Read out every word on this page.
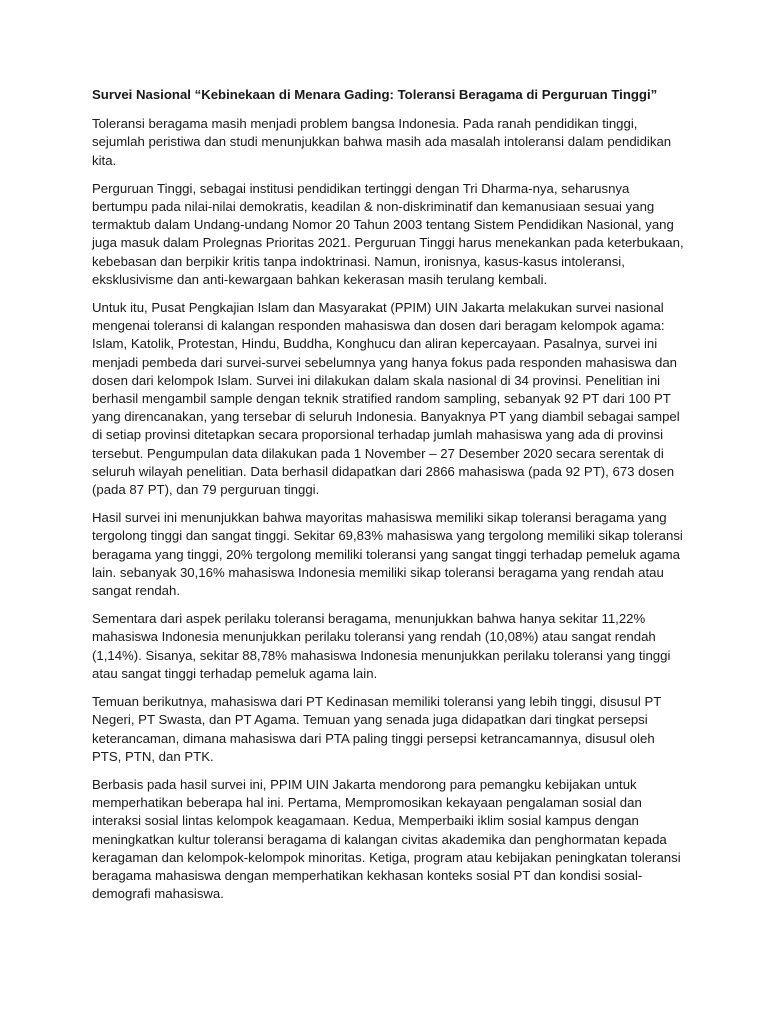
Survei Nasional “Kebinekaan di Menara Gading: Toleransi Beragama di Perguruan Tinggi”

Toleransi beragama masih menjadi problem bangsa Indonesia. Pada ranah pendidikan tinggi, sejumlah peristiwa dan studi menunjukkan bahwa masih ada masalah intoleransi dalam pendidikan kita.

Perguruan Tinggi, sebagai institusi pendidikan tertinggi dengan Tri Dharma-nya, seharusnya bertumpu pada nilai-nilai demokratis, keadilan & non-diskriminatif dan kemanusiaan sesuai yang termaktub dalam Undang-undang Nomor 20 Tahun 2003 tentang Sistem Pendidikan Nasional, yang juga masuk dalam Prolegnas Prioritas 2021. Perguruan Tinggi harus menekankan pada keterbukaan, kebebasan dan berpikir kritis tanpa indoktrinasi. Namun, ironisnya, kasus-kasus intoleransi, eksklusivisme dan anti-kewargaan bahkan kekerasan masih terulang kembali.

Untuk itu, Pusat Pengkajian Islam dan Masyarakat (PPIM) UIN Jakarta melakukan survei nasional mengenai toleransi di kalangan responden mahasiswa dan dosen dari beragam kelompok agama: Islam, Katolik, Protestan, Hindu, Buddha, Konghucu dan aliran kepercayaan. Pasalnya, survei ini menjadi pembeda dari survei-survei sebelumnya yang hanya fokus pada responden mahasiswa dan dosen dari kelompok Islam. Survei ini dilakukan dalam skala nasional di 34 provinsi. Penelitian ini berhasil mengambil sample dengan teknik stratified random sampling, sebanyak 92 PT dari 100 PT yang direncanakan, yang tersebar di seluruh Indonesia. Banyaknya PT yang diambil sebagai sampel di setiap provinsi ditetapkan secara proporsional terhadap jumlah mahasiswa yang ada di provinsi tersebut. Pengumpulan data dilakukan pada 1 November – 27 Desember 2020 secara serentak di seluruh wilayah penelitian. Data berhasil didapatkan dari 2866 mahasiswa (pada 92 PT), 673 dosen (pada 87 PT), dan 79 perguruan tinggi.

Hasil survei ini menunjukkan bahwa mayoritas mahasiswa memiliki sikap toleransi beragama yang tergolong tinggi dan sangat tinggi. Sekitar 69,83% mahasiswa yang tergolong memiliki sikap toleransi beragama yang tinggi, 20% tergolong memiliki toleransi yang sangat tinggi terhadap pemeluk agama lain. sebanyak 30,16% mahasiswa Indonesia memiliki sikap toleransi beragama yang rendah atau sangat rendah.

Sementara dari aspek perilaku toleransi beragama, menunjukkan bahwa hanya sekitar 11,22% mahasiswa Indonesia menunjukkan perilaku toleransi yang rendah (10,08%) atau sangat rendah (1,14%). Sisanya, sekitar 88,78% mahasiswa Indonesia menunjukkan perilaku toleransi yang tinggi atau sangat tinggi terhadap pemeluk agama lain.

Temuan berikutnya, mahasiswa dari PT Kedinasan memiliki toleransi yang lebih tinggi, disusul PT Negeri, PT Swasta, dan PT Agama. Temuan yang senada juga didapatkan dari tingkat persepsi keterancaman, dimana mahasiswa dari PTA paling tinggi persepsi ketrancamannya, disusul oleh PTS, PTN, dan PTK.

Berbasis pada hasil survei ini, PPIM UIN Jakarta mendorong para pemangku kebijakan untuk memperhatikan beberapa hal ini. Pertama, Mempromosikan kekayaan pengalaman sosial dan interaksi sosial lintas kelompok keagamaan. Kedua, Memperbaiki iklim sosial kampus dengan meningkatkan kultur toleransi beragama di kalangan civitas akademika dan penghormatan kepada keragaman dan kelompok-kelompok minoritas. Ketiga, program atau kebijakan peningkatan toleransi beragama mahasiswa dengan memperhatikan kekhasan konteks sosial PT dan kondisi sosial-demografi mahasiswa.
